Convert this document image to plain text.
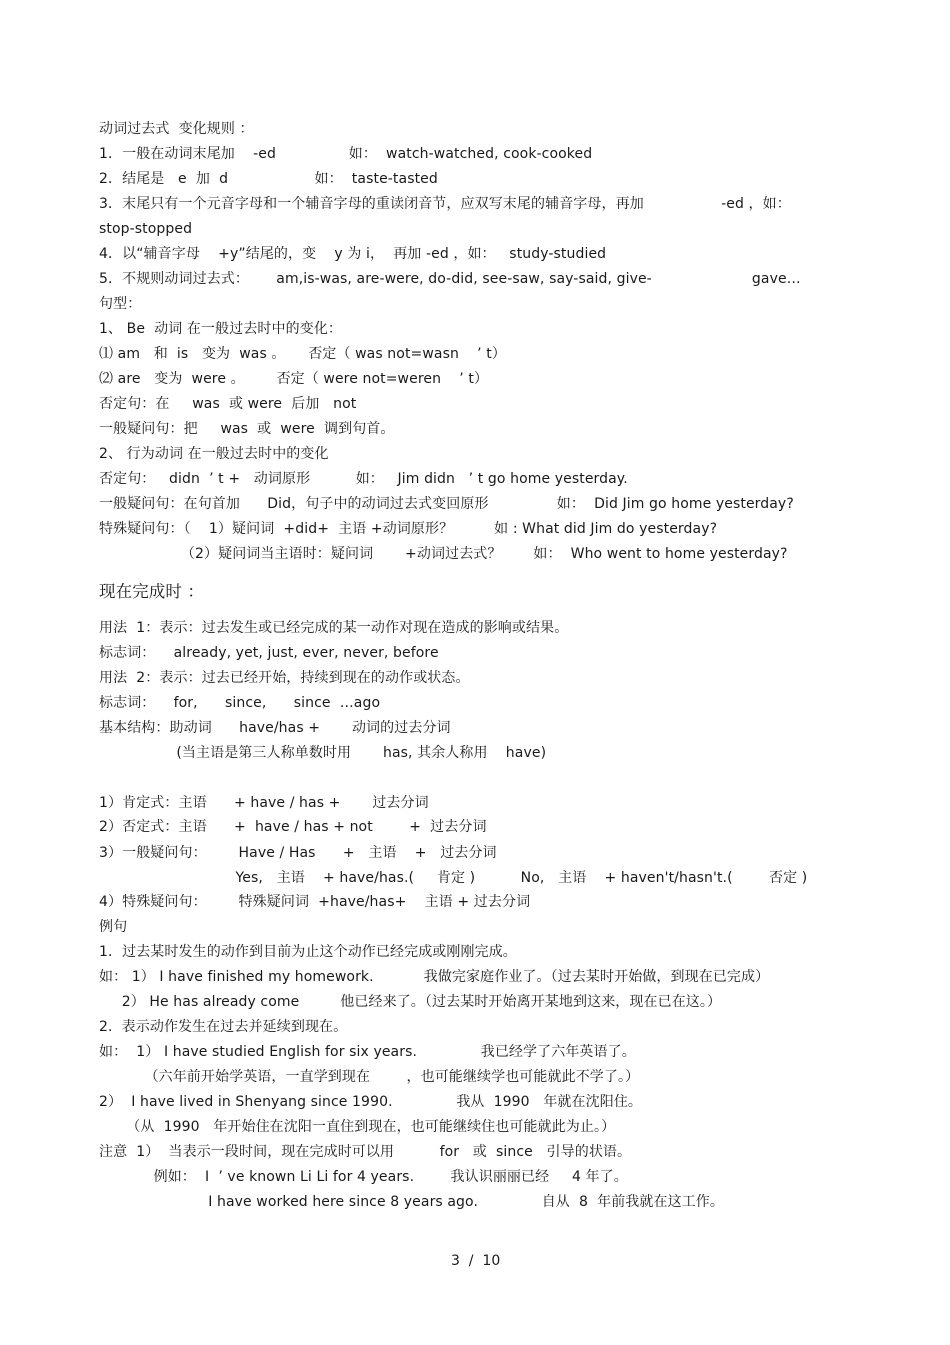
动词过去式  变化规则 ：
1．一般在动词末尾加    -ed                如：  watch-watched, cook-cooked
2．结尾是   e  加  d                   如：  taste-tasted
3．末尾只有一个元音字母和一个辅音字母的重读闭音节，应双写末尾的辅音字母，再加                 -ed ，如：
stop-stopped
4．以“辅音字母    +y”结尾的，变    y 为 i，  再加 -ed ，如：   study-studied
5．不规则动词过去式：      am,is-was, are-were, do-did, see-saw, say-said, give-                      gave…
句型：
1、 Be  动词 在一般过去时中的变化：
⑴ am   和  is   变为  was 。     否定（ was not=wasn    ’ t）
⑵ are   变为  were 。       否定（ were not=weren    ’ t）
否定句：在     was  或 were  后加   not
一般疑问句：把     was  或  were  调到句首。
2、 行为动词 在一般过去时中的变化
否定句：   didn  ’ t +   动词原形          如：   Jim didn   ’ t go home yesterday.
一般疑问句：在句首加      Did，句子中的动词过去式变回原形               如：  Did Jim go home yesterday?
特殊疑问句：（    1）疑问词  +did+  主语 +动词原形？         如 : What did Jim do yesterday?
（2）疑问词当主语时：疑问词       +动词过去式？       如：  Who went to home yesterday?
现在完成时 ：
用法  1：表示：过去发生或已经完成的某一动作对现在造成的影响或结果。
标志词：    already, yet, just, ever, never, before
用法  2：表示：过去已经开始，持续到现在的动作或状态。
标志词：    for,      since,      since  …ago
基本结构：助动词      have/has +       动词的过去分词
(当主语是第三人称单数时用       has, 其余人称用    have)
1）肯定式：主语      + have / has +       过去分词
2）否定式：主语      +  have / has + not        +  过去分词
3）一般疑问句：       Have / Has      +   主语    +   过去分词
Yes,   主语    + have/has.(     肯定 )          No,   主语    + haven't/hasn't.(        否定 )
4）特殊疑问句：       特殊疑问词  +have/has+    主语 + 过去分词
例句
1．过去某时发生的动作到目前为止这个动作已经完成或刚刚完成。
如： 1） I have finished my homework.           我做完家庭作业了。（过去某时开始做，到现在已完成）
2） He has already come         他已经来了。（过去某时开始离开某地到这来，现在已在这。）
2.  表示动作发生在过去并延续到现在。
如：  1） I have studied English for six years.              我已经学了六年英语了。
（六年前开始学英语，一直学到现在        ，也可能继续学也可能就此不学了。）
2）  I have lived in Shenyang since 1990.              我从  1990   年就在沈阳住。
（从  1990   年开始住在沈阳一直住到现在，也可能继续住也可能就此为止。）
注意  1）  当表示一段时间，现在完成时可以用          for   或  since   引导的状语。
例如：  I  ’ ve known Li Li for 4 years.        我认识丽丽已经     4 年了。
I have worked here since 8 years ago.              自从  8  年前我就在这工作。
3  /  10
